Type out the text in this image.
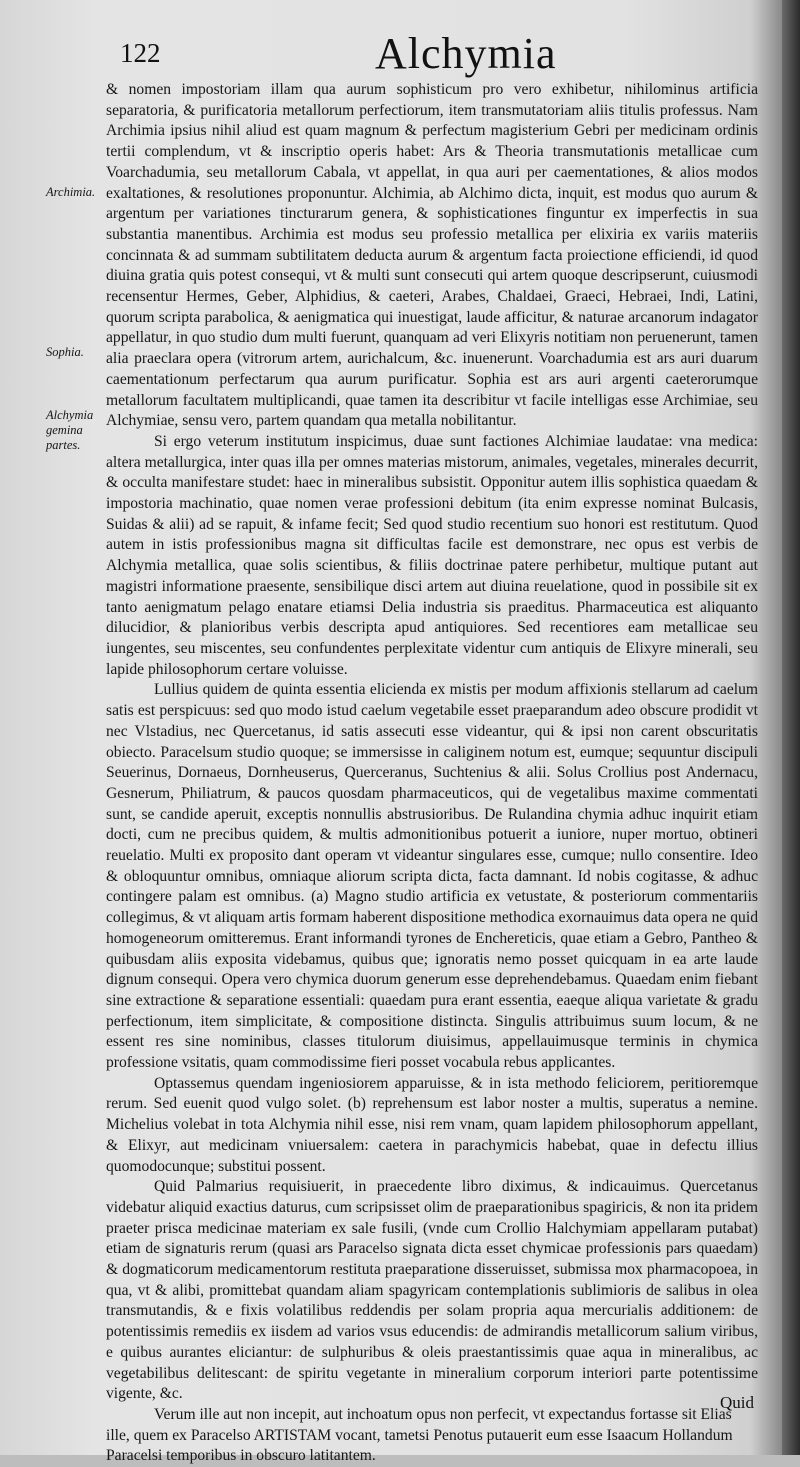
122	Alchymia
Archimia.
Sophia.
Alchymia gemina partes.

& nomen impostoriam illam qua aurum sophisticum pro vero exhibetur, nihilominus artificia separatoria, & purificatoria metallorum perfectiorum, item transmutatoriam aliis titulis professus. Nam Archimia ipsius nihil aliud est quam magnum & perfectum magisterium Gebri per medicinam ordinis tertii complendum, vt & inscriptio operis habet: Ars & Theoria transmutationis metallicae cum Voarchadumia, seu metallorum Cabala, vt appellat, in qua auri per caementationes, & alios modos exaltationes, & resolutiones proponuntur. Alchimia, ab Alchimo dicta, inquit, est modus quo aurum & argentum per variationes tincturarum genera, & sophisticationes finguntur ex imperfectis in sua substantia manentibus. Archimia est modus seu professio metallica per elixiria ex variis materiis concinnata & ad summam subtilitatem deducta aurum & argentum facta proiectione efficiendi, id quod diuina gratia quis potest consequi, vt & multi sunt consecuti qui artem quoque descripserunt, cuiusmodi recensentur Hermes, Geber, Alphidius, & caeteri, Arabes, Chaldaei, Graeci, Hebraei, Indi, Latini, quorum scripta parabolica, & aenigmatica qui inuestigat, laude afficitur, & naturae arcanorum indagator appellatur, in quo studio dum multi fuerunt, quanquam ad veri Elixyris notitiam non peruenerunt, tamen alia praeclara opera (vitrorum artem, aurichalcum, &c. inuenerunt. Voarchadumia est ars auri duarum caementationum perfectarum qua aurum purificatur. Sophia est ars auri argenti caeterorumque metallorum facultatem multiplicandi, quae tamen ita describitur vt facile intelligas esse Archimiae, seu Alchymiae, sensu vero, partem quandam qua metalla nobilitantur.

Si ergo veterum institutum inspicimus, duae sunt factiones Alchimiae laudatae: vna medica: altera metallurgica, inter quas illa per omnes materias mistorum, animales, vegetales, minerales decurrit, & occulta manifestare studet: haec in mineralibus subsistit. Opponitur autem illis sophistica quaedam & impostoria machinatio, quae nomen verae professioni debitum (ita enim expresse nominat Bulcasis, Suidas & alii) ad se rapuit, & infame fecit; Sed quod studio recentium suo honori est restitutum. Quod autem in istis professionibus magna sit difficultas facile est demonstrare, nec opus est verbis de Alchymia metallica, quae solis scientibus, & filiis doctrinae patere perhibetur, multique putant aut magistri informatione praesente, sensibilique disci artem aut diuina reuelatione, quod in possibile sit ex tanto aenigmatum pelago enatare etiamsi Delia industria sis praeditus. Pharmaceutica est aliquanto dilucidior, & planioribus verbis descripta apud antiquiores. Sed recentiores eam metallicae seu iungentes, seu miscentes, seu confundentes perplexitate videntur cum antiquis de Elixyre minerali, seu lapide philosophorum certare voluisse.

Lullius quidem de quinta essentia elicienda ex mistis per modum affixionis stellarum ad caelum satis est perspicuus: sed quo modo istud caelum vegetabile esset praeparandum adeo obscure prodidit vt nec Vlstadius, nec Quercetanus, id satis assecuti esse videantur, qui & ipsi non carent obscuritatis obiecto. Paracelsum studio quoque; se immersisse in caliginem notum est, eumque; sequuntur discipuli Seuerinus, Dornaeus, Dornheuserus, Querceranus, Suchtenius & alii. Solus Crollius post Andernacu, Gesnerum, Philiatrum, & paucos quosdam pharmaceuticos, qui de vegetalibus maxime commentati sunt, se candide aperuit, exceptis nonnullis abstrusioribus. De Rulandina chymia adhuc inquirit etiam docti, cum ne precibus quidem, & multis admonitionibus potuerit a iuniore, nuper mortuo, obtineri reuelatio. Multi ex proposito dant operam vt videantur singulares esse, cumque; nullo consentire. Ideo & obloquuntur omnibus, omniaque aliorum scripta dicta, facta damnant. Id nobis cogitasse, & adhuc contingere palam est omnibus. (a) Magno studio artificia ex vetustate, & posteriorum commentariis collegimus, & vt aliquam artis formam haberent dispositione methodica exornauimus data opera ne quid homogeneorum omitteremus. Erant informandi tyrones de Enchereticis, quae etiam a Gebro, Pantheo & quibusdam aliis exposita videbamus, quibus que; ignoratis nemo posset quicquam in ea arte laude dignum consequi. Opera vero chymica duorum generum esse deprehendebamus. Quaedam enim fiebant sine extractione & separatione essentiali: quaedam pura erant essentia, eaeque aliqua varietate & gradu perfectionum, item simplicitate, & compositione distincta. Singulis attribuimus suum locum, & ne essent res sine nominibus, classes titulorum diuisimus, appellauimusque terminis in chymica professione vsitatis, quam commodissime fieri posset vocabula rebus applicantes.

Optassemus quendam ingeniosiorem apparuisse, & in ista methodo feliciorem, peritioremque rerum. Sed euenit quod vulgo solet. (b) reprehensum est labor noster a multis, superatus a nemine. Michelius volebat in tota Alchymia nihil esse, nisi rem vnam, quam lapidem philosophorum appellant, & Elixyr, aut medicinam vniuersalem: caetera in parachymicis habebat, quae in defectu illius quomodocunque; substitui possent.

Quid Palmarius requisiuerit, in praecedente libro diximus, & indicauimus. Quercetanus videbatur aliquid exactius daturus, cum scripsisset olim de praeparationibus spagiricis, & non ita pridem praeter prisca medicinae materiam ex sale fusili, (vnde cum Crollio Halchymiam appellaram putabat) etiam de signaturis rerum (quasi ars Paracelso signata dicta esset chymicae professionis pars quaedam) & dogmaticorum medicamentorum restituta praeparatione disseruisset, submissa mox pharmacopoea, in qua, vt & alibi, promittebat quandam aliam spagyricam contemplationis sublimioris de salibus in olea transmutandis, & e fixis volatilibus reddendis per solam propria aqua mercurialis additionem: de potentissimis remediis ex iisdem ad varios vsus educendis: de admirandis metallicorum salium viribus, e quibus aurantes eliciantur: de sulphuribus & oleis praestantissimis quae aqua in mineralibus, ac vegetabilibus delitescant: de spiritu vegetante in mineralium corporum interiori parte potentissime vigente, &c.

Verum ille aut non incepit, aut inchoatum opus non perfecit, vt expectandus fortasse sit Elias ille, quem ex Paracelso ARTISTAM vocant, tametsi Penotus putauerit eum esse Isaacum Hollandum Paracelsi temporibus in obscuro latitantem.

Quid
